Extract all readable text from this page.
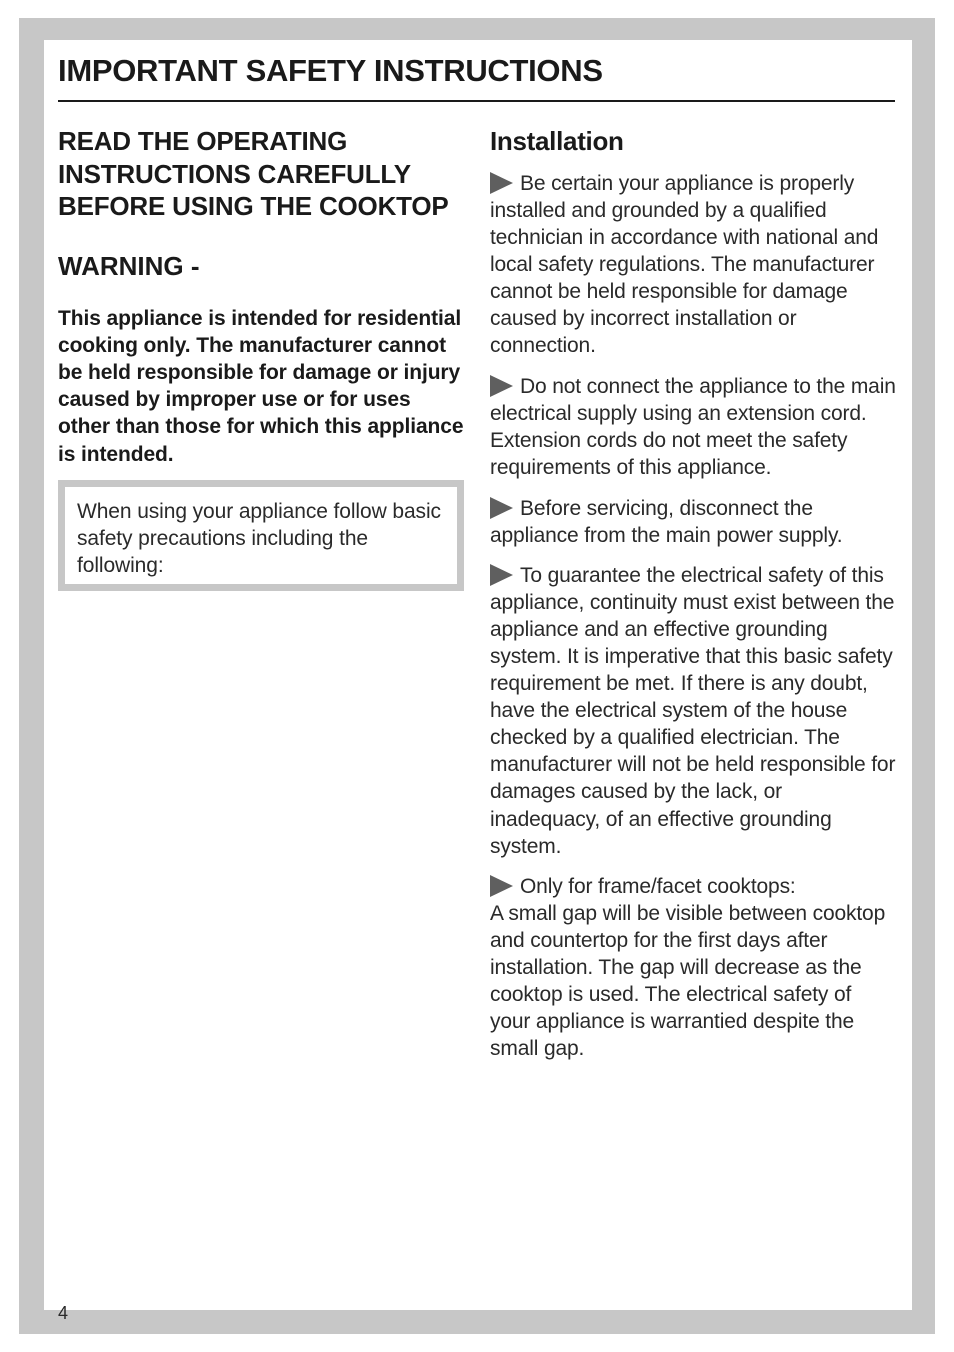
IMPORTANT SAFETY INSTRUCTIONS
READ THE OPERATING INSTRUCTIONS CAREFULLY BEFORE USING THE COOKTOP
WARNING -

This appliance is intended for residential cooking only. The manufacturer cannot be held responsible for damage or injury caused by improper use or for uses other than those for which this appliance is intended.

When using your appliance follow basic safety precautions including the following:
Installation

Be certain your appliance is properly installed and grounded by a qualified technician in accordance with national and local safety regulations. The manufacturer cannot be held responsible for damage caused by incorrect installation or connection.

Do not connect the appliance to the main electrical supply using an extension cord. Extension cords do not meet the safety requirements of this appliance.

Before servicing, disconnect the appliance from the main power supply.

To guarantee the electrical safety of this appliance, continuity must exist between the appliance and an effective grounding system. It is imperative that this basic safety requirement be met. If there is any doubt, have the electrical system of the house checked by a qualified electrician. The manufacturer will not be held responsible for damages caused by the lack, or inadequacy, of an effective grounding system.

Only for frame/facet cooktops:
A small gap will be visible between cooktop and countertop for the first days after installation. The gap will decrease as the cooktop is used. The electrical safety of your appliance is warrantied despite the small gap.

4
